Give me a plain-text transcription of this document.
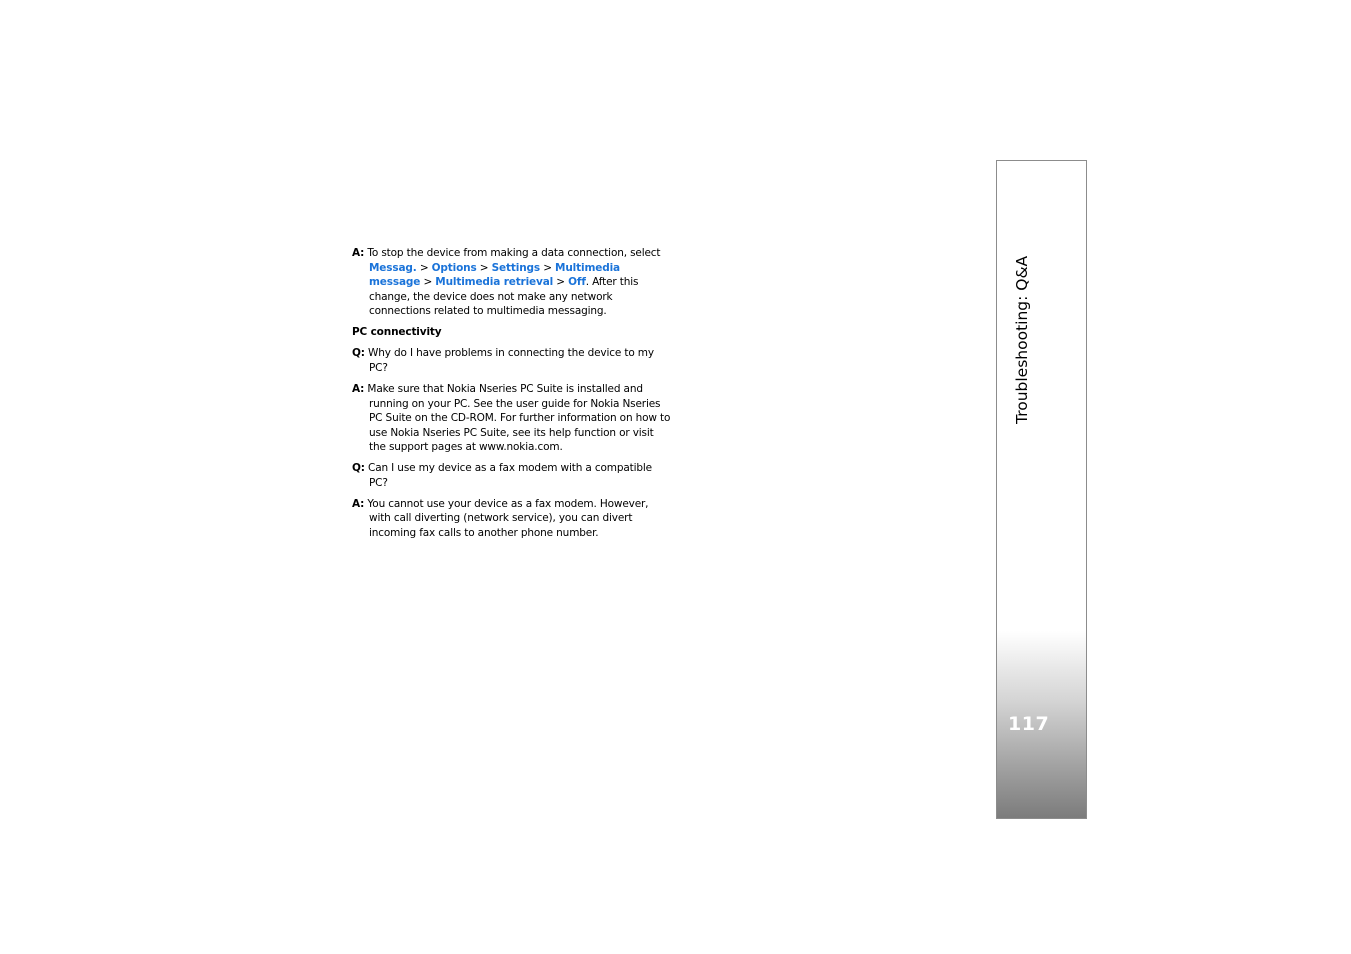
A: To stop the device from making a data connection, select Messag. > Options > Settings > Multimedia message > Multimedia retrieval > Off. After this change, the device does not make any network connections related to multimedia messaging.

PC connectivity

Q: Why do I have problems in connecting the device to my PC?

A: Make sure that Nokia Nseries PC Suite is installed and running on your PC. See the user guide for Nokia Nseries PC Suite on the CD-ROM. For further information on how to use Nokia Nseries PC Suite, see its help function or visit the support pages at www.nokia.com.

Q: Can I use my device as a fax modem with a compatible PC?

A: You cannot use your device as a fax modem. However, with call diverting (network service), you can divert incoming fax calls to another phone number.

Troubleshooting: Q&A
117
